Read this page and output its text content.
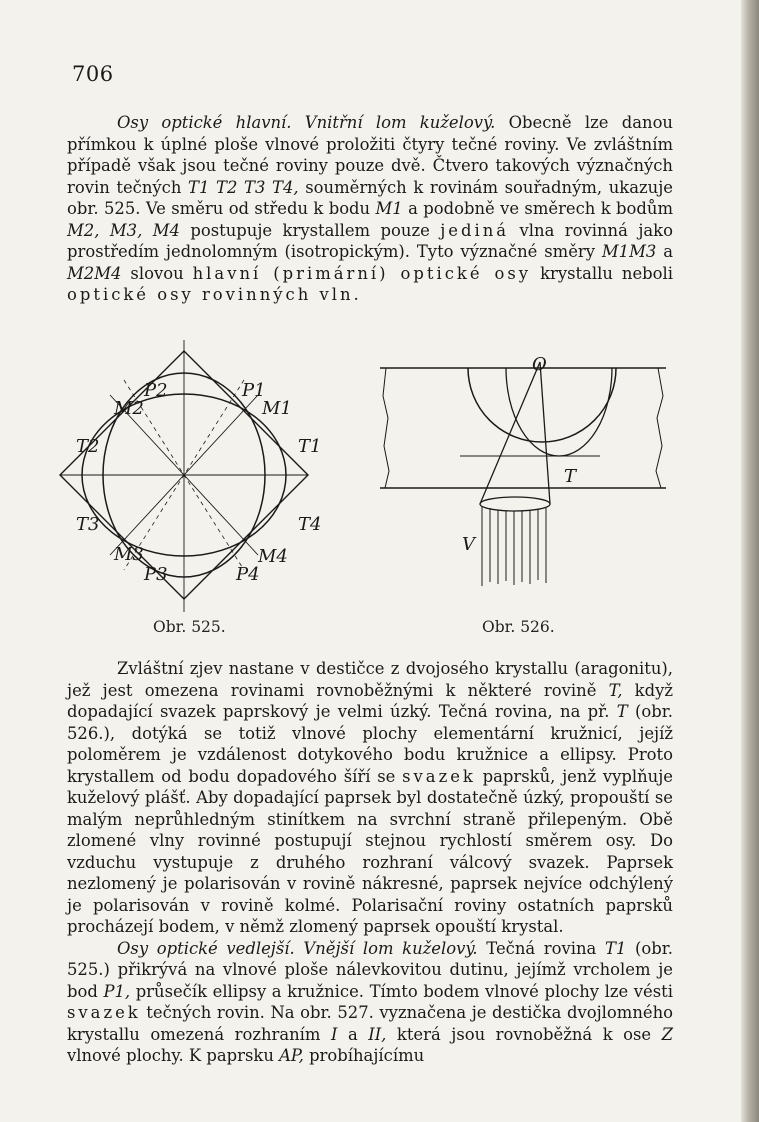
706

Osy optické hlavní. Vnitřní lom kuželový. Obecně lze danou přímkou k úplné ploše vlnové proložiti čtyry tečné roviny. Ve zvláštním případě však jsou tečné roviny pouze dvě. Čtvero takových význačných rovin tečných T1 T2 T3 T4, souměrných k rovinám souřadným, ukazuje obr. 525. Ve směru od středu k bodu M1 a podobně ve směrech k bodům M2, M3, M4 postupuje krystallem pouze jediná vlna rovinná jako prostředím jednolomným (isotropickým). Tyto význačné směry M1M3 a M2M4 slovou hlavní (primární) optické osy krystallu neboli optické osy rovinných vln.

P2	P1
M2	M1
T2	T1
T3	T4
M3	M4
P3	P4
O
T
V
Obr. 525.	Obr. 526.

Zvláštní zjev nastane v destičce z dvojosého krystallu (aragonitu), jež jest omezena rovinami rovnoběžnými k některé rovině T, když dopadající svazek paprskový je velmi úzký. Tečná rovina, na př. T (obr. 526.), dotýká se totiž vlnové plochy elementární kružnicí, jejíž poloměrem je vzdálenost dotykového bodu kružnice a ellipsy. Proto krystallem od bodu dopadového šíří se svazek paprsků, jenž vyplňuje kuželový plášť. Aby dopadající paprsek byl dostatečně úzký, propouští se malým neprůhledným stinítkem na svrchní straně přilepeným. Obě zlomené vlny rovinné postupují stejnou rychlostí směrem osy. Do vzduchu vystupuje z druhého rozhraní válcový svazek. Paprsek nezlomený je polarisován v rovině nákresné, paprsek nejvíce odchýlený je polarisován v rovině kolmé. Polarisační roviny ostatních paprsků procházejí bodem, v němž zlomený paprsek opouští krystal.
Osy optické vedlejší. Vnější lom kuželový. Tečná rovina T1 (obr. 525.) přikrývá na vlnové ploše nálevkovitou dutinu, jejímž vrcholem je bod P1, průsečík ellipsy a kružnice. Tímto bodem vlnové plochy lze vésti svazek tečných rovin. Na obr. 527. vyznačena je destička dvojlomného krystallu omezená rozhraním I a II, která jsou rovnoběžná k ose Z vlnové plochy. K paprsku AP, probíhajícímu
